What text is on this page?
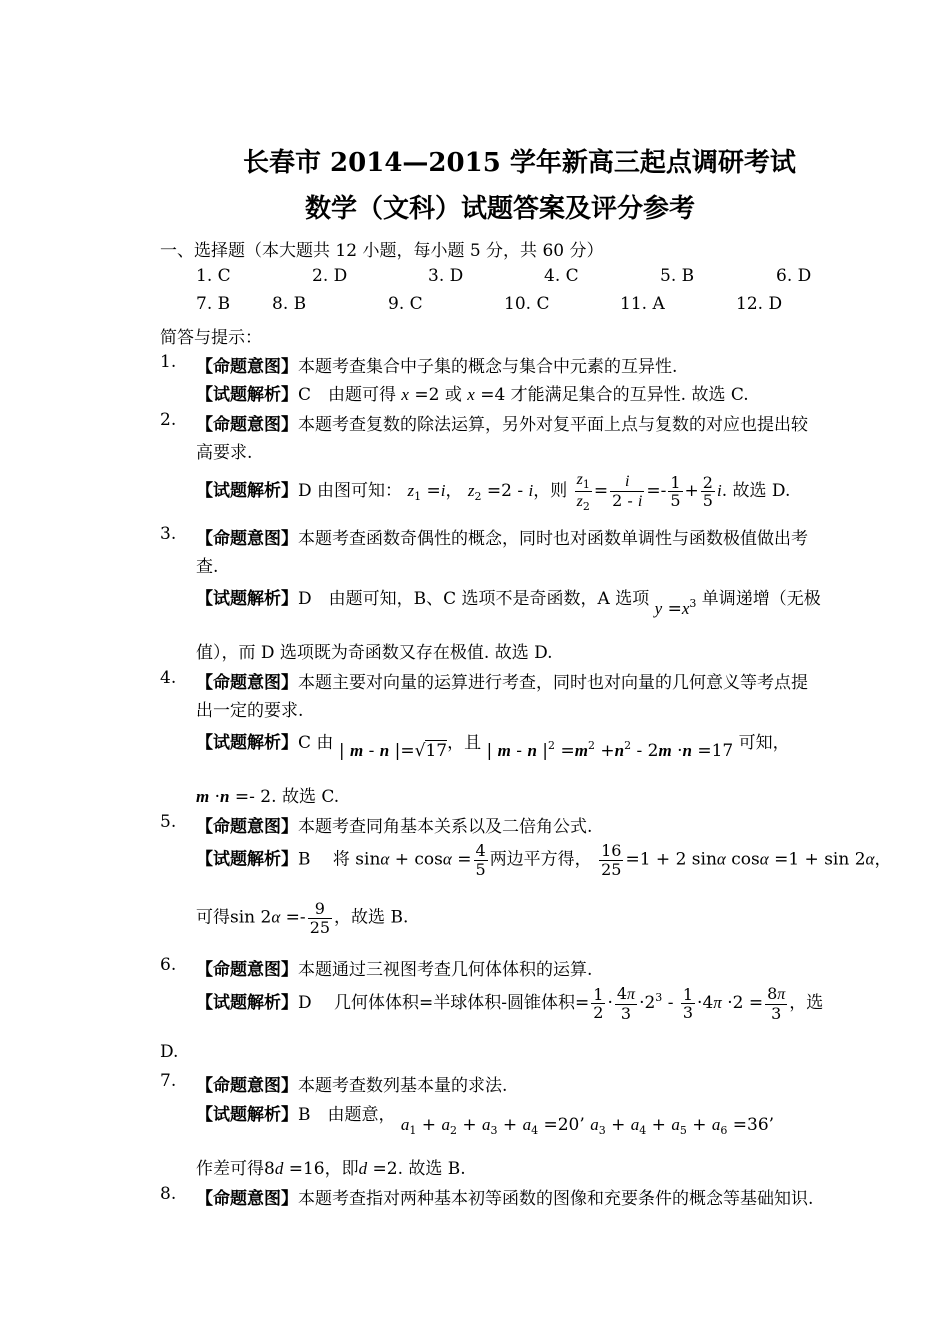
长春市 2014—2015 学年新高三起点调研考试
数学（文科）试题答案及评分参考
一、选择题（本大题共 12 小题，每小题 5 分，共 60 分）
1. C	2. D	3. D	4. C	5. B	6. D
7. B 8. B	9. C	10. C	11. A	12. D
简答与提示：
1. 【命题意图】本题考查集合中子集的概念与集合中元素的互异性.
【试题解析】C　由题可得 x =2 或 x =4 才能满足集合的互异性. 故选 C.
2. 【命题意图】本题考查复数的除法运算，另外对复平面上点与复数的对应也提出较
高要求.
【试题解析】D 由图可知： $z_1 =i$， $z_2 =2 - i$，则 $\frac{z_1}{z_2} = \frac{i}{2 - i} =- \frac{1}{5} + \frac{2}{5} i$. 故选 D.
3. 【命题意图】本题考查函数奇偶性的概念，同时也对函数单调性与函数极值做出考
查.
【试题解析】D　由题可知，B、C 选项不是奇函数，A 选项 $y =x^3$ 单调递增（无极
值），而 D 选项既为奇函数又存在极值. 故选 D.
4. 【命题意图】本题主要对向量的运算进行考查，同时也对向量的几何意义等考点提
出一定的要求.
【试题解析】C 由 | m - n |=√17，且 | m - n $|^2 =m^2 +n^2 - 2m \cdot n =17$ 可知，
m ·n =- 2. 故选 C.
5. 【命题意图】本题考查同角基本关系以及二倍角公式.
【试题解析】B　 将 $\sin\alpha + \cos\alpha = \frac{4}{5}$ 两边平方得， $\frac{16}{25} =1 + 2$ sinα cosα =1 + sin 2α，
可得$\sin 2\alpha =- \frac{9}{25}$ ，故选 B.
6. 【命题意图】本题通过三视图考查几何体体积的运算.
【试题解析】D　 几何体体积=半球体积-圆锥体积= $\frac{1}{2} \cdot \frac{4\pi}{3} \cdot 2^3 - \frac{1}{3} \cdot 4\pi \cdot 2 = \frac{8\pi}{3}$ ，选
D.
7. 【命题意图】本题考查数列基本量的求法.
【试题解析】B　由题意， $a_1 + a_2 + a_3 + a_4 =20$’ $a_3 + a_4 + a_5 + a_6 =36$’
作差可得8d =16，即d =2. 故选 B.
8. 【命题意图】本题考查指对两种基本初等函数的图像和充要条件的概念等基础知识.
